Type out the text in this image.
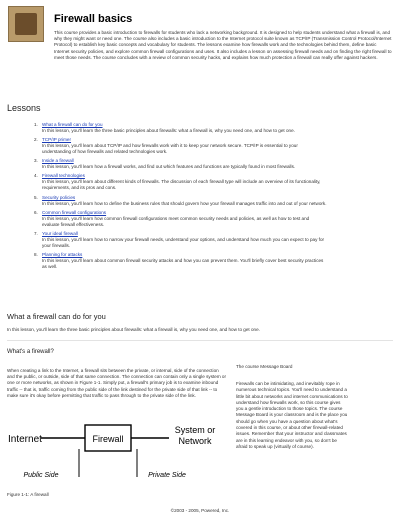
Firewall basics
This course provides a basic introduction to firewalls for students who lack a networking background. It is designed to help students understand what a firewall is, and why they might want or need one. The course also includes a basic introduction to the Internet protocol suite known as TCP/IP (Transmission Control Protocol/Internet Protocol) to establish key basic concepts and vocabulary for students. The lessons examine how firewalls work and the technologies behind them, define basic Internet security policies, and explore common firewall configurations and uses. It also includes a lesson on assessing firewall needs and on finding the right firewall to meet those needs. The course concludes with a review of common security hacks, and explains how much protection a firewall can really offer against hackers.
Lessons
1. What a firewall can do for you
In this lesson, you'll learn the three basic principles about firewalls: what a firewall is, why you need one, and how to get one.
2. TCP/IP primer
In this lesson, you'll learn about TCP/IP and how firewalls work with it to keep your network secure. TCP/IP is essential to your understanding of how firewalls and related technologies work.
3. Inside a firewall
In this lesson, you'll learn how a firewall works, and find out which features and functions are typically found in most firewalls.
4. Firewall technologies
In this lesson, you'll learn about different kinds of firewalls. The discussion of each firewall type will include an overview of its functionality, requirements, and its pros and cons.
5. Security policies
In this lesson, you'll learn how to define the business rules that should govern how your firewall manages traffic into and out of your network.
6. Common firewall configurations
In this lesson, you'll learn how common firewall configurations meet common security needs and policies, as well as how to test and evaluate firewall effectiveness.
7. Your ideal firewall
In this lesson, you'll learn how to narrow your firewall needs, understand your options, and understand how much you can expect to pay for your firewalls.
8. Planning for attacks
In this lesson, you'll learn about common firewall security attacks and how you can prevent them. You'll briefly cover best security practices as well.
What a firewall can do for you
In this lesson, you'll learn the three basic principles about firewalls: what a firewall is, why you need one, and how to get one.
What's a firewall?
When creating a link to the Internet, a firewall sits between the private, or internal, side of the connection and the public, or outside, side of that same connection. The connection can contain only a single system or one or more networks, as shown in Figure 1-1. Simply put, a firewall's primary job is to examine inbound traffic -- that is, traffic coming from the public side of the link destined for the private side of that link -- to make sure it's okay before permitting that traffic to pass through to the private side of the link.
The course Message Board
Firewalls can be intimidating, and inevitably rope in numerous technical topics. You'll need to understand a little bit about networks and internet communications to understand how firewalls work, so this course gives you a gentle introduction to those topics. The course Message Board is your classroom and is the place you should go when you have a question about what's covered in this course, or about other firewall-related issues. Remember that your instructor and classmates are in this learning endeavor with you, so don't be afraid to speak up (virtually of course).
Internet	Firewall
System or
Network
Public Side	Private Side
Figure 1-1: A firewall
©2003 - 2005, Powered, Inc.
